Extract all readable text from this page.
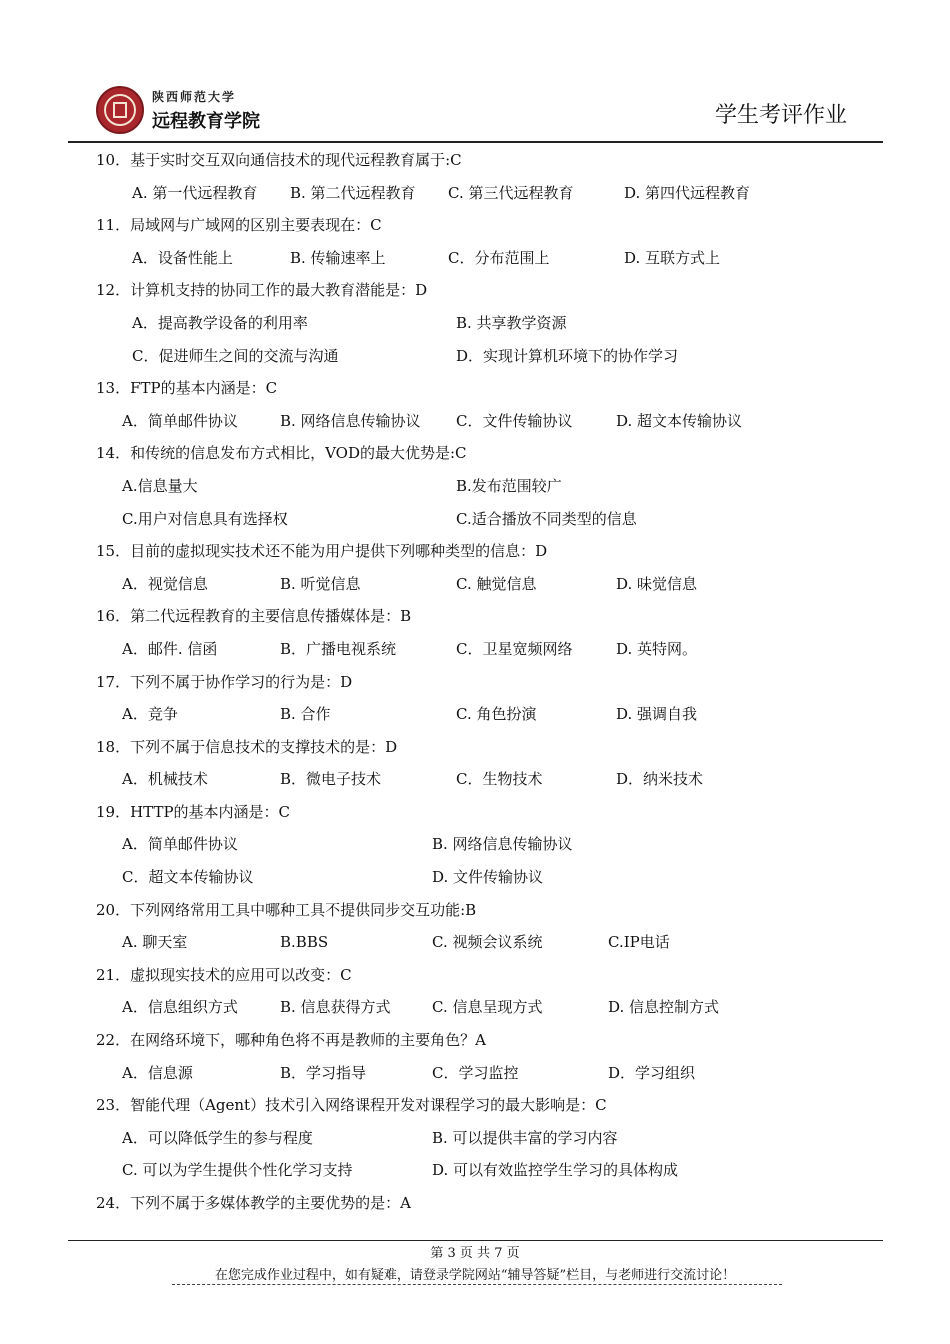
陕西师范大学
远程教育学院	学生考评作业
10．基于实时交互双向通信技术的现代远程教育属于:C
A. 第一代远程教育 B. 第二代远程教育 C. 第三代远程教育	D. 第四代远程教育
11．局域网与广域网的区别主要表现在：C
A．设备性能上	B. 传输速率上	C．分布范围上	D. 互联方式上
12．计算机支持的协同工作的最大教育潜能是：D
A．提高教学设备的利用率	B. 共享教学资源
C．促进师生之间的交流与沟通	D．实现计算机环境下的协作学习
13．FTP的基本内涵是：C
A．简单邮件协议	B. 网络信息传输协议 C．文件传输协议	D. 超文本传输协议
14．和传统的信息发布方式相比，VOD的最大优势是:C
A.信息量大	B.发布范围较广
C.用户对信息具有选择权	C.适合播放不同类型的信息
15．目前的虚拟现实技术还不能为用户提供下列哪种类型的信息：D
A．视觉信息	B. 听觉信息	C. 触觉信息	D. 味觉信息
16．第二代远程教育的主要信息传播媒体是：B
A．邮件. 信函	B．广播电视系统	C．卫星宽频网络	D. 英特网。
17．下列不属于协作学习的行为是：D
A．竞争	B. 合作	C. 角色扮演	D. 强调自我
18．下列不属于信息技术的支撑技术的是：D
A．机械技术	B．微电子技术	C．生物技术	D．纳米技术
19．HTTP的基本内涵是：C
A．简单邮件协议	B. 网络信息传输协议
C．超文本传输协议	D. 文件传输协议
20．下列网络常用工具中哪种工具不提供同步交互功能:B
A. 聊天室	B.BBS	C. 视频会议系统	C.IP电话
21．虚拟现实技术的应用可以改变：C
A．信息组织方式	B. 信息获得方式	C. 信息呈现方式	D. 信息控制方式
22．在网络环境下，哪种角色将不再是教师的主要角色？A
A．信息源	B．学习指导	C．学习监控	D．学习组织
23．智能代理（Agent）技术引入网络课程开发对课程学习的最大影响是：C
A．可以降低学生的参与程度	B. 可以提供丰富的学习内容
C. 可以为学生提供个性化学习支持	D. 可以有效监控学生学习的具体构成
24．下列不属于多媒体教学的主要优势的是：A
第 3 页 共 7 页
在您完成作业过程中，如有疑难，请登录学院网站“辅导答疑”栏目，与老师进行交流讨论！
